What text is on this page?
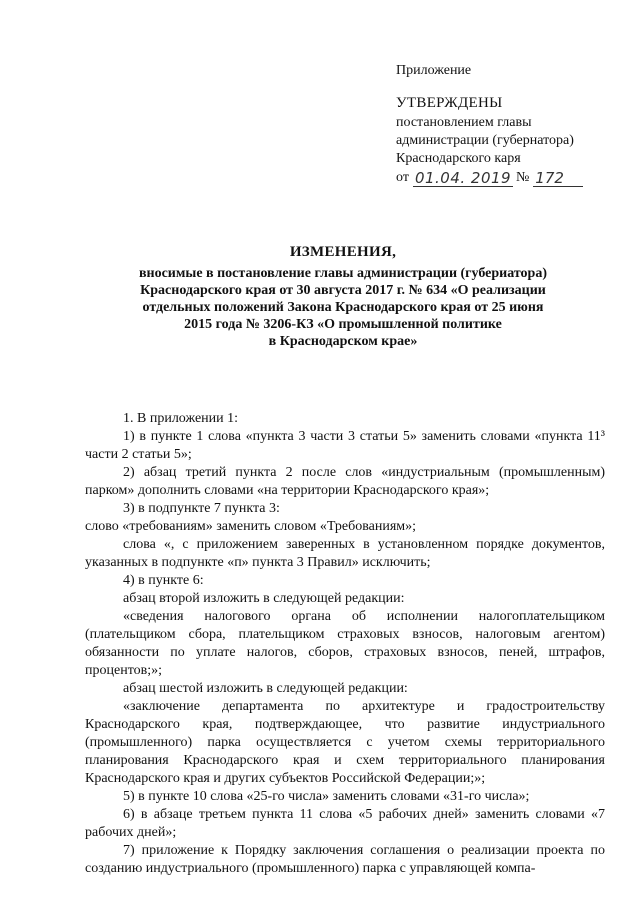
Приложение
УТВЕРЖДЕНЫ
постановлением главы
администрации (губернатора)
Краснодарского каря
от 01.04. 2019 № 172
ИЗМЕНЕНИЯ,
вносимые в постановление главы администрации (губериатора)
Краснодарского края от 30 августа 2017 г. № 634 «О реализации
отдельных положений Закона Краснодарского края от 25 июня
2015 года № 3206-КЗ «О промышленной политике
в Краснодарском крае»

1. В приложении 1:

1) в пункте 1 слова «пункта 3 части 3 статьи 5» заменить словами «пункта 11³ части 2 статьи 5»;

2) абзац третий пункта 2 после слов «индустриальным (промышленным) парком» дополнить словами «на территории Краснодарского края»;

3) в подпункте 7 пункта 3:

слово «требованиям» заменить словом «Требованиям»;

слова «, с приложением заверенных в установленном порядке документов, указанных в подпункте «п» пункта 3 Правил» исключить;

4) в пункте 6:

абзац второй изложить в следующей редакции:

«сведения налогового органа об исполнении налогоплательщиком (плательщиком сбора, плательщиком страховых взносов, налоговым агентом) обязанности по уплате налогов, сборов, страховых взносов, пеней, штрафов, процентов;»;

абзац шестой изложить в следующей редакции:

«заключение департамента по архитектуре и градостроительству Краснодарского края, подтверждающее, что развитие индустриального (промышленного) парка осуществляется с учетом схемы территориального планирования Краснодарского края и схем территориального планирования Краснодарского края и других субъектов Российской Федерации;»;

5) в пункте 10 слова «25-го числа» заменить словами «31-го числа»;

6) в абзаце третьем пункта 11 слова «5 рабочих дней» заменить словами «7 рабочих дней»;

7) приложение к Порядку заключения соглашения о реализации проекта по созданию индустриального (промышленного) парка с управляющей компа-
